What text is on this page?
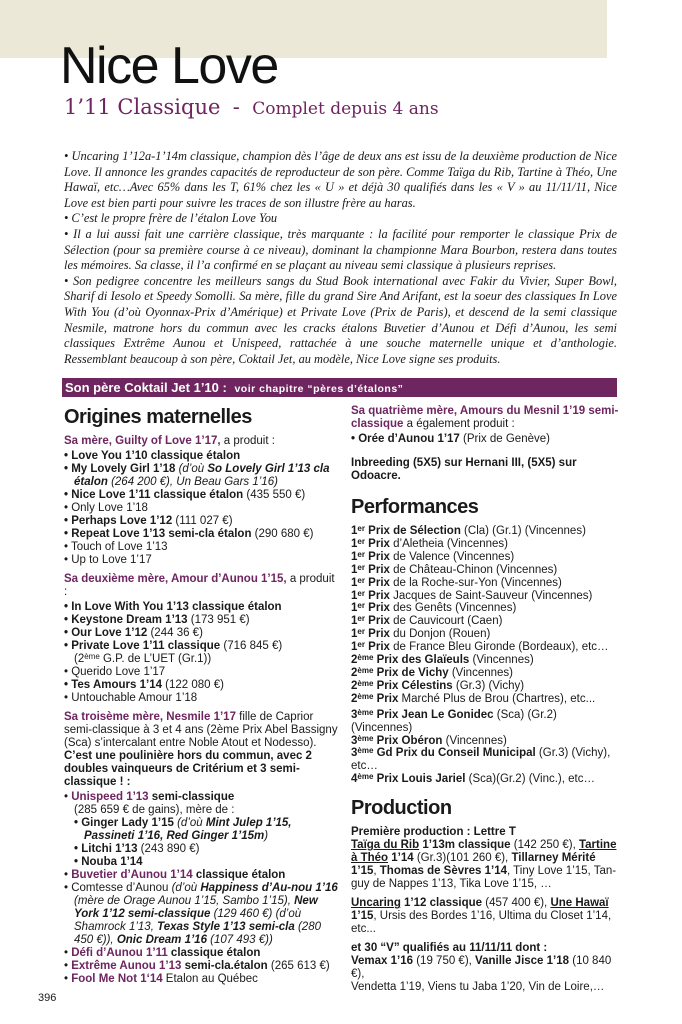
Nice Love
1’11 Classique - Complet depuis 4 ans

• Uncaring 1’12a-1’14m classique, champion dès l’âge de deux ans est issu de la deuxième production de Nice Love. Il annonce les grandes capacités de reproducteur de son père. Comme Taïga du Rib, Tartine à Théo, Une Hawaï, etc…Avec 65% dans les T, 61% chez les « U » et déjà 30 qualifiés dans les « V » au 11/11/11, Nice Love est bien parti pour suivre les traces de son illustre frère au haras.

• C’est le propre frère de l’étalon Love You

• Il a lui aussi fait une carrière classique, très marquante : la facilité pour remporter le classique Prix de Sélection (pour sa première course à ce niveau), dominant la championne Mara Bourbon, restera dans toutes les mémoires. Sa classe, il l’a confirmé en se plaçant au niveau semi classique à plusieurs reprises.

• Son pedigree concentre les meilleurs sangs du Stud Book international avec Fakir du Vivier, Super Bowl, Sharif di Iesolo et Speedy Somolli. Sa mère, fille du grand Sire And Arifant, est la soeur des classiques In Love With You (d’où Oyonnax-Prix d’Amérique) et Private Love (Prix de Paris), et descend de la semi classique Nesmile, matrone hors du commun avec les cracks étalons Buvetier d’Aunou et Défi d’Aunou, les semi classiques Extrême Aunou et Unispeed, rattachée à une souche maternelle unique et d’anthologie. Ressemblant beaucoup à son père, Coktail Jet, au modèle, Nice Love signe ses produits.

Son père Coktail Jet 1’10 : voir chapitre “pères d’étalons”
Origines maternelles

Sa mère, Guilty of Love 1’17, a produit :

• Love You 1’10 classique étalon

• My Lovely Girl 1’18 (d’où So Lovely Girl 1’13 cla étalon (264 200 €), Un Beau Gars 1’16)

• Nice Love 1’11 classique étalon (435 550 €)

• Only Love 1’18

• Perhaps Love 1’12 (111 027 €)

• Repeat Love 1’13 semi-cla étalon (290 680 €)

• Touch of Love 1’13

• Up to Love 1’17

Sa deuxième mère, Amour d’Aunou 1’15, a produit :

• In Love With You 1’13 classique étalon

• Keystone Dream 1’13 (173 951 €)

• Our Love 1’12 (244 36 €)

• Private Love 1’11 classique (716 845 €)

(2ème G.P. de L’UET (Gr.1))

• Querido Love 1’17

• Tes Amours 1’14 (122 080 €)

• Untouchable Amour 1’18

Sa troisème mère, Nesmile 1’17 fille de Caprior semi-classique à 3 et 4 ans (2ème Prix Abel Bassigny (Sca) s’intercalant entre Noble Atout et Nodesso). C’est une poulinière hors du commun, avec 2 doubles vainqueurs de Critérium et 3 semi-classique ! :

• Unispeed 1’13 semi-classique

(285 659 € de gains), mère de :

• Ginger Lady 1’15 (d’où Mint Julep 1’15, Passineti 1’16, Red Ginger 1’15m)

• Litchi 1’13 (243 890 €)

• Nouba 1’14

• Buvetier d’Aunou 1’14 classique étalon

• Comtesse d’Aunou (d’où Happiness d’Au-nou 1’16 (mère de Orage Aunou 1’15, Sambo 1’15), New York 1’12 semi-classique (129 460 €) (d’où Shamrock 1’13, Texas Style 1’13 semi-cla (280 450 €)), Onic Dream 1’16 (107 493 €))

• Défi d’Aunou 1’11 classique étalon

• Extrême Aunou 1’13 semi-cla.étalon (265 613 €)

• Fool Me Not 1‘14 Etalon au Québec

Sa quatrième mère, Amours du Mesnil 1’19 semi-classique a également produit :

• Orée d’Aunou 1’17 (Prix de Genève)

Inbreeding (5X5) sur Hernani III, (5X5) sur Odoacre.

Performances

1er Prix de Sélection (Cla) (Gr.1) (Vincennes)

1er Prix d’Aletheia (Vincennes)

1er Prix de Valence (Vincennes)

1er Prix de Château-Chinon (Vincennes)

1er Prix de la Roche-sur-Yon (Vincennes)

1er Prix Jacques de Saint-Sauveur (Vincennes)

1er Prix des Genêts (Vincennes)

1er Prix de Cauvicourt (Caen)

1er Prix du Donjon (Rouen)

1er Prix de France Bleu Gironde (Bordeaux), etc…

2ème Prix des Glaïeuls (Vincennes)

2ème Prix de Vichy (Vincennes)

2ème Prix Célestins (Gr.3) (Vichy)

2ème Prix Marché Plus de Brou (Chartres), etc...

3ème Prix Jean Le Gonidec (Sca) (Gr.2) (Vincennes)

3ème Prix Obéron (Vincennes)

3ème Gd Prix du Conseil Municipal (Gr.3) (Vichy), etc…

4ème Prix Louis Jariel (Sca)(Gr.2) (Vinc.), etc…

Production

Première production : Lettre T

Taïga du Rib 1’13m classique (142 250 €), Tartine à Théo 1’14 (Gr.3)(101 260 €), Tillarney Mérité 1’15, Thomas de Sèvres 1’14, Tiny Love 1’15, Tan-guy de Nappes 1’13, Tika Love 1’15, …

Uncaring 1’12 classique (457 400 €), Une Hawaï 1’15, Ursis des Bordes 1’16, Ultima du Closet 1’14, etc...

et 30 “V” qualifiés au 11/11/11 dont :

Vemax 1’16 (19 750 €), Vanille Jisce 1’18 (10 840 €),

Vendetta 1’19, Viens tu Jaba 1’20, Vin de Loire,…

396
